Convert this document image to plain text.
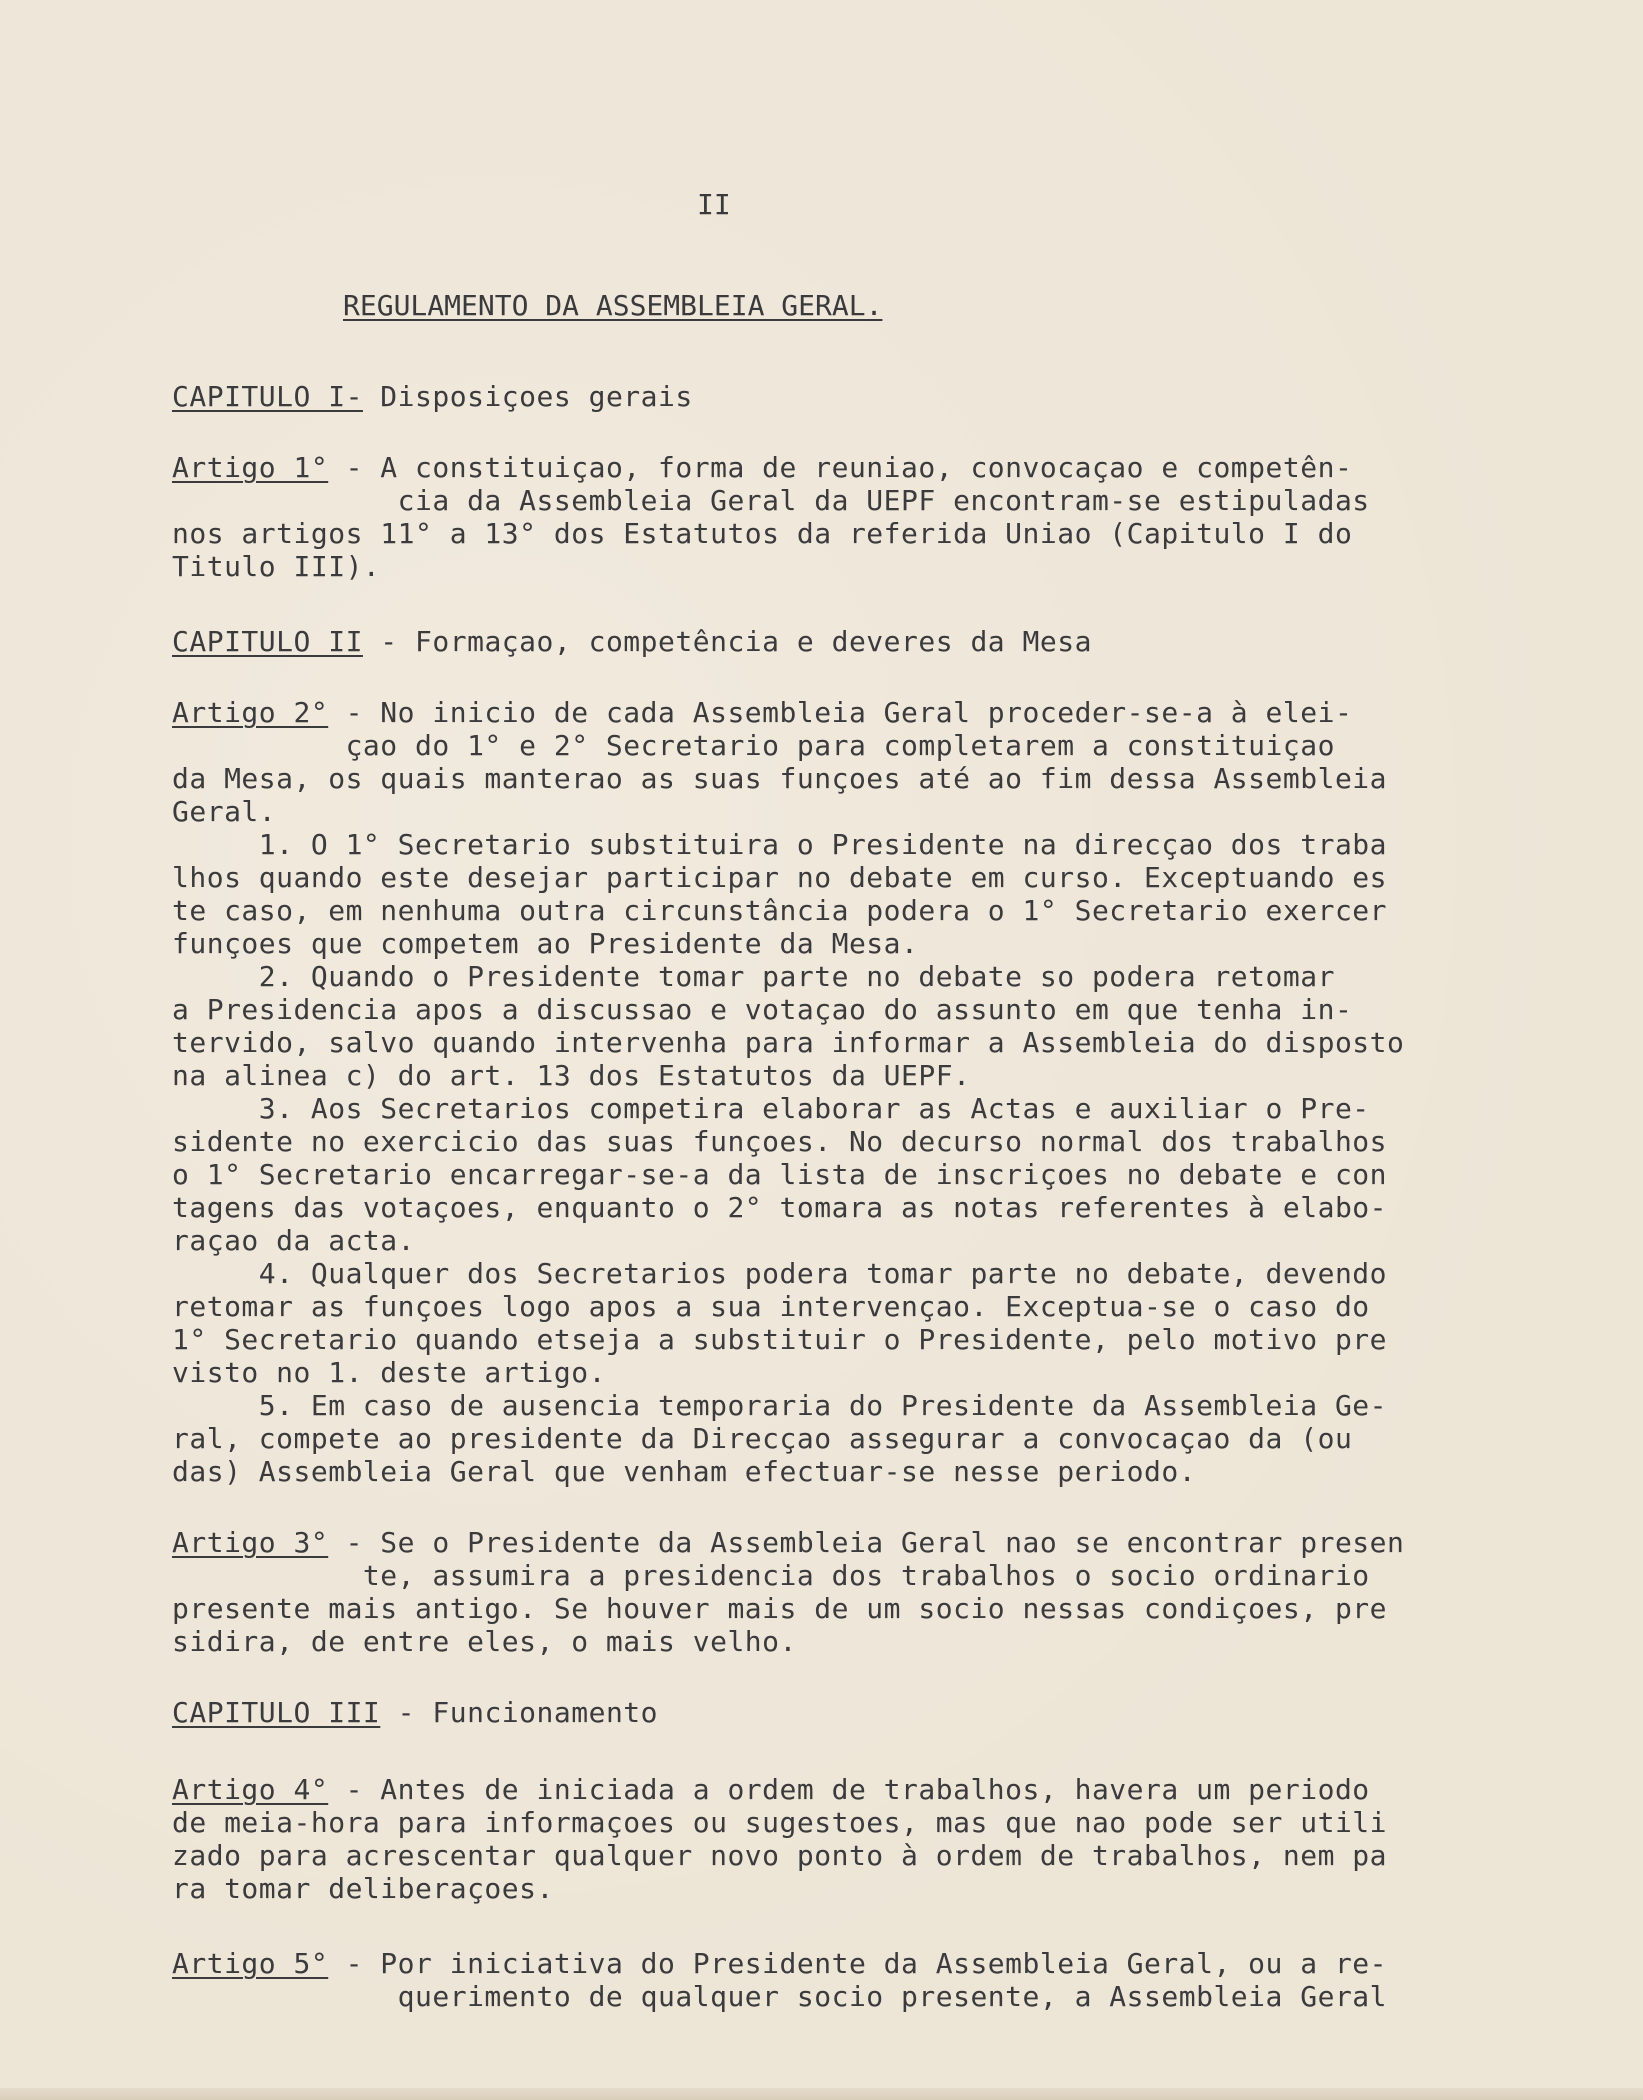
II
REGULAMENTO DA ASSEMBLEIA GERAL.
CAPITULO I- Disposiçoes gerais
Artigo 1° - A constituiçao, forma de reuniao, convocaçao e competên-
cia da Assembleia Geral da UEPF encontram-se estipuladas
nos artigos 11° a 13° dos Estatutos da referida Uniao (Capitulo I do
Titulo III).
CAPITULO II - Formaçao, competência e deveres da Mesa
Artigo 2° - No inicio de cada Assembleia Geral proceder-se-a à elei-
çao do 1° e 2° Secretario para completarem a constituiçao
da Mesa, os quais manterao as suas funçoes até ao fim dessa Assembleia
Geral.
1. O 1° Secretario substituira o Presidente na direcçao dos traba
lhos quando este desejar participar no debate em curso. Exceptuando es
te caso, em nenhuma outra circunstância podera o 1° Secretario exercer
funçoes que competem ao Presidente da Mesa.
2. Quando o Presidente tomar parte no debate so podera retomar
a Presidencia apos a discussao e votaçao do assunto em que tenha in-
tervido, salvo quando intervenha para informar a Assembleia do disposto
na alinea c) do art. 13 dos Estatutos da UEPF.
3. Aos Secretarios competira elaborar as Actas e auxiliar o Pre-
sidente no exercicio das suas funçoes. No decurso normal dos trabalhos
o 1° Secretario encarregar-se-a da lista de inscriçoes no debate e con
tagens das votaçoes, enquanto o 2° tomara as notas referentes à elabo-
raçao da acta.
4. Qualquer dos Secretarios podera tomar parte no debate, devendo
retomar as funçoes logo apos a sua intervençao. Exceptua-se o caso do
1° Secretario quando etseja a substituir o Presidente, pelo motivo pre
visto no 1. deste artigo.
5. Em caso de ausencia temporaria do Presidente da Assembleia Ge-
ral, compete ao presidente da Direcçao assegurar a convocaçao da (ou
das) Assembleia Geral que venham efectuar-se nesse periodo.
Artigo 3° - Se o Presidente da Assembleia Geral nao se encontrar presen
te, assumira a presidencia dos trabalhos o socio ordinario
presente mais antigo. Se houver mais de um socio nessas condiçoes, pre
sidira, de entre eles, o mais velho.
CAPITULO III - Funcionamento
Artigo 4° - Antes de iniciada a ordem de trabalhos, havera um periodo
de meia-hora para informaçoes ou sugestoes, mas que nao pode ser utili
zado para acrescentar qualquer novo ponto à ordem de trabalhos, nem pa
ra tomar deliberaçoes.
Artigo 5° - Por iniciativa do Presidente da Assembleia Geral, ou a re-
querimento de qualquer socio presente, a Assembleia Geral
